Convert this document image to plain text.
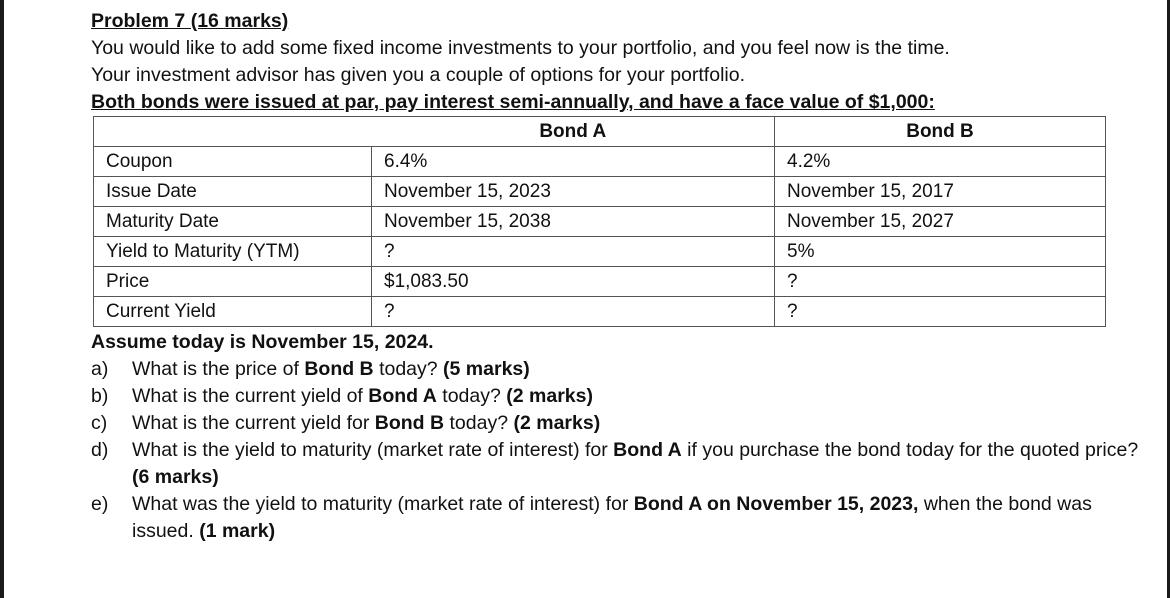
Problem 7 (16 marks)
You would like to add some fixed income investments to your portfolio, and you feel now is the time.
Your investment advisor has given you a couple of options for your portfolio.
Both bonds were issued at par, pay interest semi-annually, and have a face value of $1,000:
	Bond A	Bond B
Coupon	6.4%	4.2%
Issue Date	November 15, 2023	November 15, 2017
Maturity Date	November 15, 2038	November 15, 2027
Yield to Maturity (YTM)	?	5%
Price	$1,083.50	?
Current Yield	?	?
Assume today is November 15, 2024.
a) What is the price of Bond B today? (5 marks)
b) What is the current yield of Bond A today? (2 marks)
c) What is the current yield for Bond B today? (2 marks)
d) What is the yield to maturity (market rate of interest) for Bond A if you purchase the bond today for the quoted price? (6 marks)
e) What was the yield to maturity (market rate of interest) for Bond A on November 15, 2023, when the bond was issued. (1 mark)
